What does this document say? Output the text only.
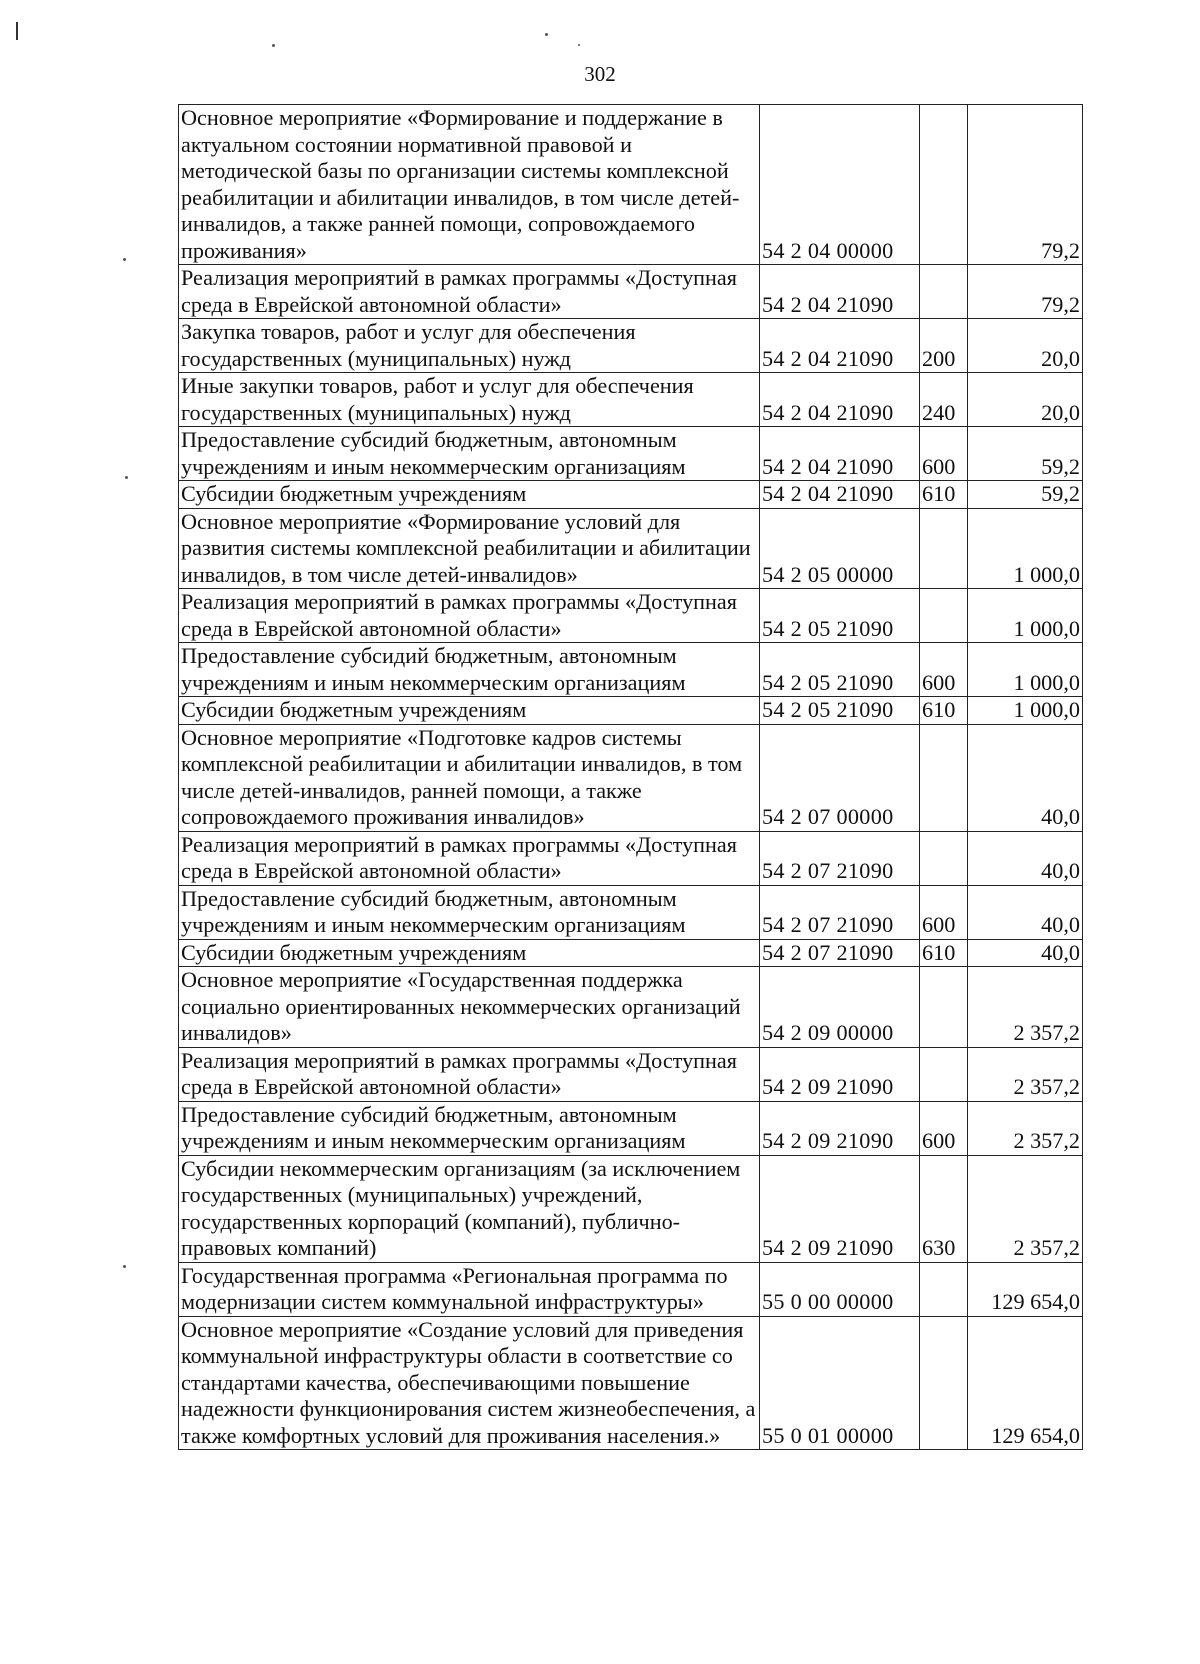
302
Основное мероприятие «Формирование и поддержание в актуальном состоянии нормативной правовой и методической базы по организации системы комплексной реабилитации и абилитации инвалидов, в том числе детей-инвалидов, а также ранней помощи, сопровождаемого проживания»	54 2 04 00000		79,2
Реализация мероприятий в рамках программы «Доступная среда в Еврейской автономной области»	54 2 04 21090		79,2
Закупка товаров, работ и услуг для обеспечения государственных (муниципальных) нужд	54 2 04 21090	200	20,0
Иные закупки товаров, работ и услуг для обеспечения государственных (муниципальных) нужд	54 2 04 21090	240	20,0
Предоставление субсидий бюджетным, автономным учреждениям и иным некоммерческим организациям	54 2 04 21090	600	59,2
Субсидии бюджетным учреждениям	54 2 04 21090	610	59,2
Основное мероприятие «Формирование условий для развития системы комплексной реабилитации и абилитации инвалидов, в том числе детей-инвалидов»	54 2 05 00000		1 000,0
Реализация мероприятий в рамках программы «Доступная среда в Еврейской автономной области»	54 2 05 21090		1 000,0
Предоставление субсидий бюджетным, автономным учреждениям и иным некоммерческим организациям	54 2 05 21090	600	1 000,0
Субсидии бюджетным учреждениям	54 2 05 21090	610	1 000,0
Основное мероприятие «Подготовке кадров системы комплексной реабилитации и абилитации инвалидов, в том числе детей-инвалидов, ранней помощи, а также сопровождаемого проживания инвалидов»	54 2 07 00000		40,0
Реализация мероприятий в рамках программы «Доступная среда в Еврейской автономной области»	54 2 07 21090		40,0
Предоставление субсидий бюджетным, автономным учреждениям и иным некоммерческим организациям	54 2 07 21090	600	40,0
Субсидии бюджетным учреждениям	54 2 07 21090	610	40,0
Основное мероприятие «Государственная поддержка социально ориентированных некоммерческих организаций инвалидов»	54 2 09 00000		2 357,2
Реализация мероприятий в рамках программы «Доступная среда в Еврейской автономной области»	54 2 09 21090		2 357,2
Предоставление субсидий бюджетным, автономным учреждениям и иным некоммерческим организациям	54 2 09 21090	600	2 357,2
Субсидии некоммерческим организациям (за исключением государственных (муниципальных) учреждений, государственных корпораций (компаний), публично-правовых компаний)	54 2 09 21090	630	2 357,2
Государственная программа «Региональная программа по модернизации систем коммунальной инфраструктуры»	55 0 00 00000		129 654,0
Основное мероприятие «Создание условий для приведения коммунальной инфраструктуры области в соответствие со стандартами качества, обеспечивающими повышение надежности функционирования систем жизнеобеспечения, а также комфортных условий для проживания населения.»	55 0 01 00000		129 654,0
